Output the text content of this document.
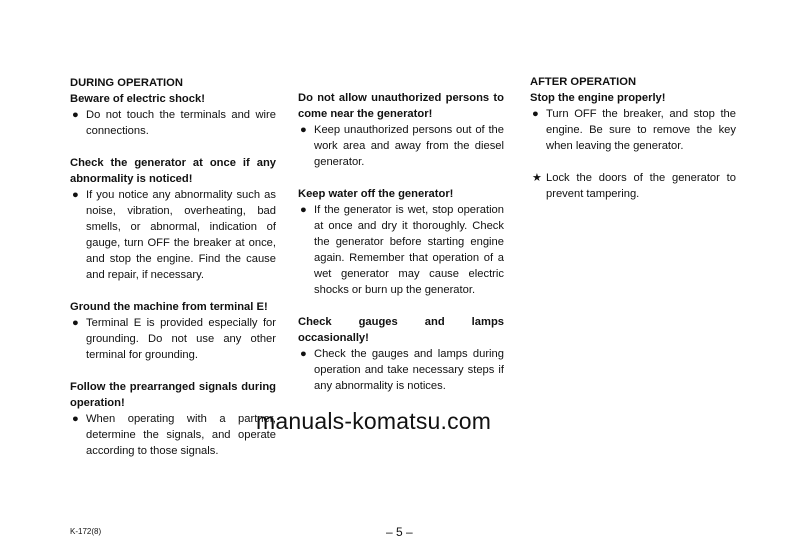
DURING OPERATION
Beware of electric shock!
● Do not touch the terminals and wire connections.
Check the generator at once if any abnormality is noticed!
● If you notice any abnormality such as noise, vibration, overheating, bad smells, or abnormal, indication of gauge, turn OFF the breaker at once, and stop the engine. Find the cause and repair, if necessary.
Ground the machine from terminal E!
● Terminal E is provided especially for grounding. Do not use any other terminal for grounding.
Follow the prearranged signals during operation!
● When operating with a partner, determine the signals, and operate according to those signals.
Do not allow unauthorized persons to come near the generator!
● Keep unauthorized persons out of the work area and away from the diesel generator.
Keep water off the generator!
● If the generator is wet, stop operation at once and dry it thoroughly. Check the generator before starting engine again. Remember that operation of a wet generator may cause electric shocks or burn up the generator.
Check gauges and lamps occasionally!
● Check the gauges and lamps during operation and take necessary steps if any abnormality is notices.
AFTER OPERATION
Stop the engine properly!
● Turn OFF the breaker, and stop the engine. Be sure to remove the key when leaving the generator.
★ Lock the doors of the generator to prevent tampering.
K-172(8)	– 5 –
manuals-komatsu.com
